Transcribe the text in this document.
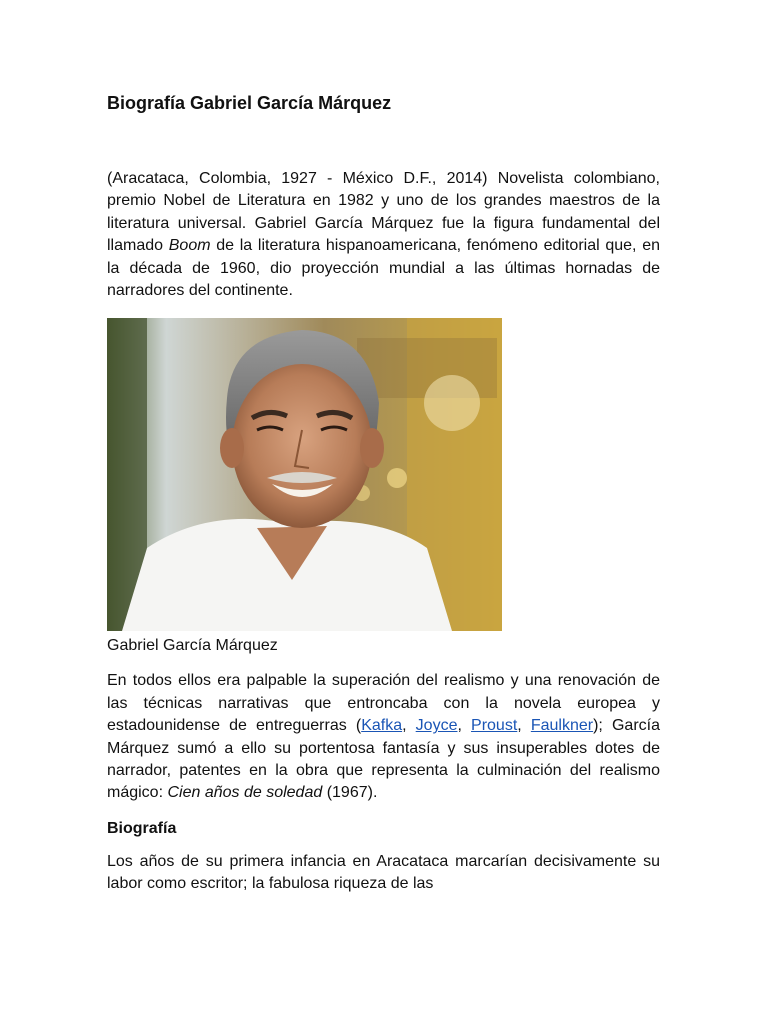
Biografía Gabriel García Márquez

(Aracataca, Colombia, 1927 - México D.F., 2014) Novelista colombiano, premio Nobel de Literatura en 1982 y uno de los grandes maestros de la literatura universal. Gabriel García Márquez fue la figura fundamental del llamado Boom de la literatura hispanoamericana, fenómeno editorial que, en la década de 1960, dio proyección mundial a las últimas hornadas de narradores del continente.

Gabriel García Márquez

En todos ellos era palpable la superación del realismo y una renovación de las técnicas narrativas que entroncaba con la novela europea y estadounidense de entreguerras (Kafka, Joyce, Proust, Faulkner); García Márquez sumó a ello su portentosa fantasía y sus insuperables dotes de narrador, patentes en la obra que representa la culminación del realismo mágico: Cien años de soledad (1967).

Biografía

Los años de su primera infancia en Aracataca marcarían decisivamente su labor como escritor; la fabulosa riqueza de las
